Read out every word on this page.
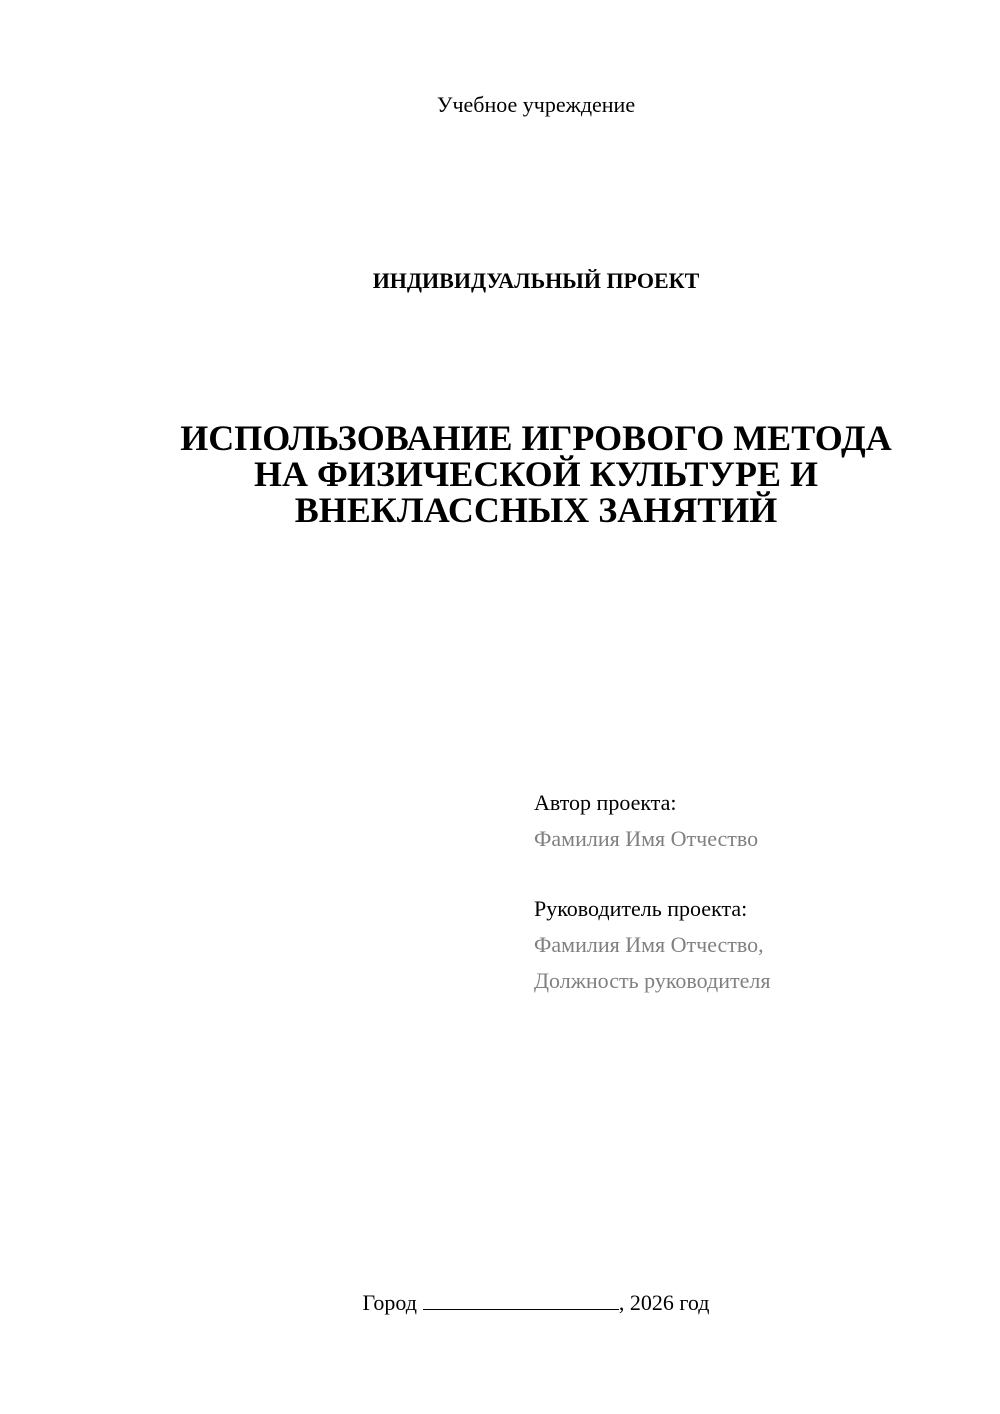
Учебное учреждение
ИНДИВИДУАЛЬНЫЙ ПРОЕКТ
ИСПОЛЬЗОВАНИЕ ИГРОВОГО МЕТОДА
НА ФИЗИЧЕСКОЙ КУЛЬТУРЕ И
ВНЕКЛАССНЫХ ЗАНЯТИЙ
Автор проекта:
Фамилия Имя Отчество
Руководитель проекта:
Фамилия Имя Отчество,
Должность руководителя
Город	, 2026 год
